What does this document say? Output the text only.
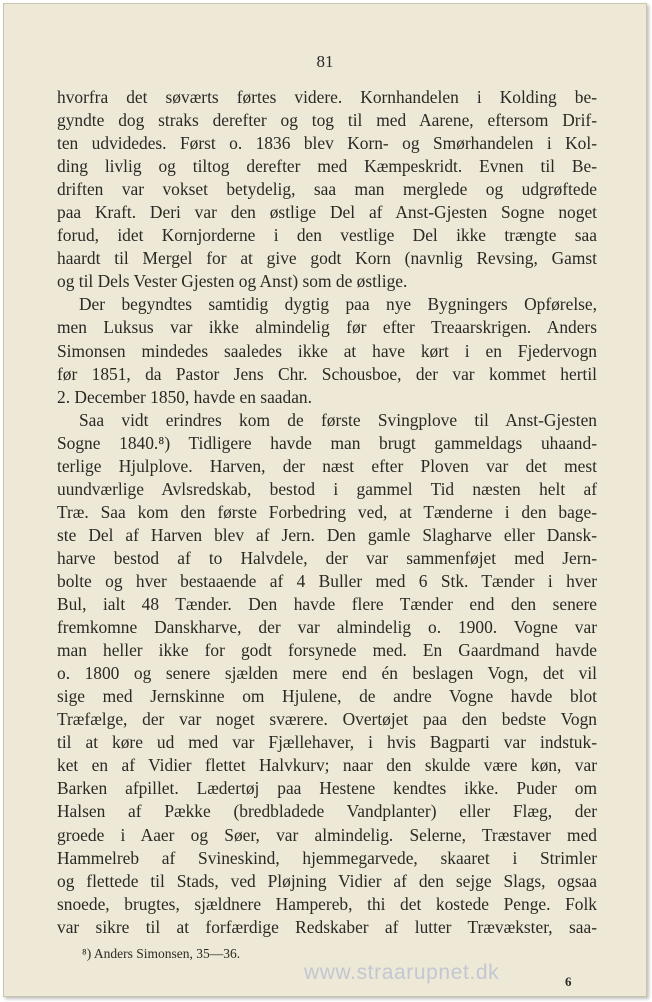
81
hvorfra det søværts førtes videre. Kornhandelen i Kolding be-
gyndte dog straks derefter og tog til med Aarene, eftersom Drif-
ten udvidedes. Først o. 1836 blev Korn- og Smørhandelen i Kol-
ding livlig og tiltog derefter med Kæmpeskridt. Evnen til Be-
driften var vokset betydelig, saa man merglede og udgrøftede
paa Kraft. Deri var den østlige Del af Anst-Gjesten Sogne noget
forud, idet Kornjorderne i den vestlige Del ikke trængte saa
haardt til Mergel for at give godt Korn (navnlig Revsing, Gamst
og til Dels Vester Gjesten og Anst) som de østlige.
Der begyndtes samtidig dygtig paa nye Bygningers Opførelse,
men Luksus var ikke almindelig før efter Treaarskrigen. Anders
Simonsen mindedes saaledes ikke at have kørt i en Fjedervogn
før 1851, da Pastor Jens Chr. Schousboe, der var kommet hertil
2. December 1850, havde en saadan.
Saa vidt erindres kom de første Svingplove til Anst-Gjesten
Sogne 1840.⁸) Tidligere havde man brugt gammeldags uhaand-
terlige Hjulplove. Harven, der næst efter Ploven var det mest
uundværlige Avlsredskab, bestod i gammel Tid næsten helt af
Træ. Saa kom den første Forbedring ved, at Tænderne i den bage-
ste Del af Harven blev af Jern. Den gamle Slagharve eller Dansk-
harve bestod af to Halvdele, der var sammenføjet med Jern-
bolte og hver bestaaende af 4 Buller med 6 Stk. Tænder i hver
Bul, ialt 48 Tænder. Den havde flere Tænder end den senere
fremkomne Danskharve, der var almindelig o. 1900. Vogne var
man heller ikke for godt forsynede med. En Gaardmand havde
o. 1800 og senere sjælden mere end én beslagen Vogn, det vil
sige med Jernskinne om Hjulene, de andre Vogne havde blot
Træfælge, der var noget sværere. Overtøjet paa den bedste Vogn
til at køre ud med var Fjællehaver, i hvis Bagparti var indstuk-
ket en af Vidier flettet Halvkurv; naar den skulde være køn, var
Barken afpillet. Lædertøj paa Hestene kendtes ikke. Puder om
Halsen af Pække (bredbladede Vandplanter) eller Flæg, der
groede i Aaer og Søer, var almindelig. Selerne, Træstaver med
Hammelreb af Svineskind, hjemmegarvede, skaaret i Strimler
og flettede til Stads, ved Pløjning Vidier af den sejge Slags, ogsaa
snoede, brugtes, sjældnere Hampereb, thi det kostede Penge. Folk
var sikre til at forfærdige Redskaber af lutter Trævækster, saa-
⁸) Anders Simonsen, 35—36.
www.straarupnet.dk	6
